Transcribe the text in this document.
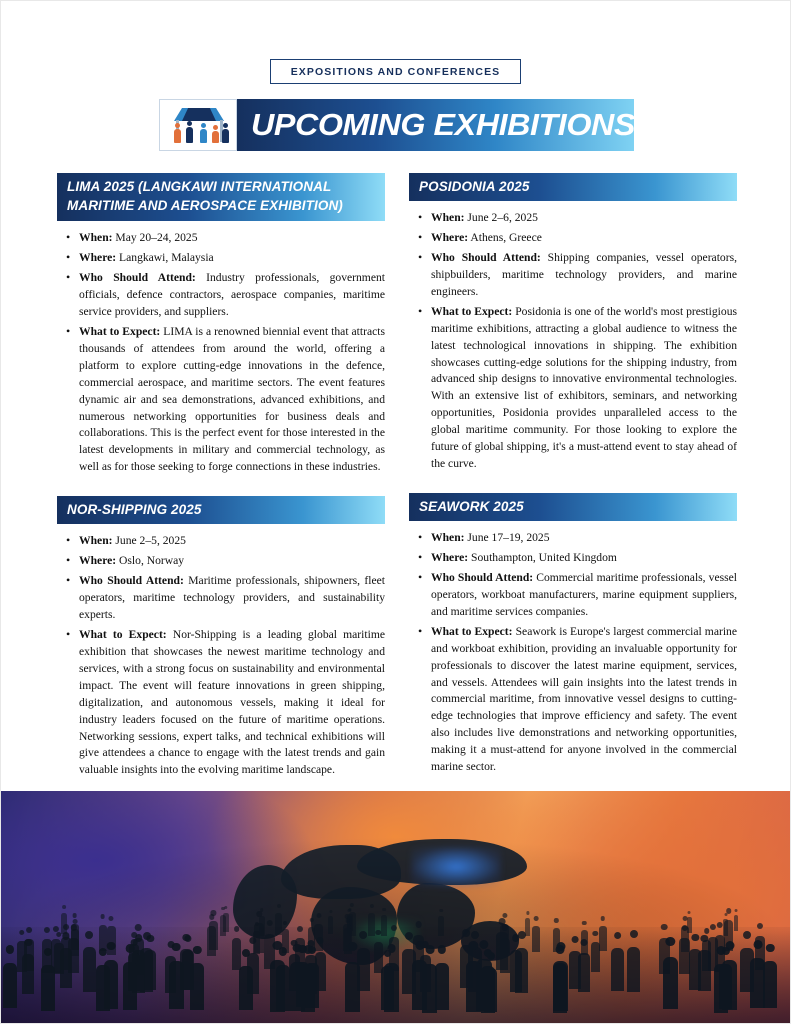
EXPOSITIONS AND CONFERENCES
UPCOMING EXHIBITIONS
LIMA 2025 (LANGKAWI INTERNATIONAL MARITIME AND AEROSPACE EXHIBITION)
• When: May 20–24, 2025
• Where: Langkawi, Malaysia
• Who Should Attend: Industry professionals, government officials, defence contractors, aerospace companies, maritime service providers, and suppliers.
• What to Expect: LIMA is a renowned biennial event that attracts thousands of attendees from around the world, offering a platform to explore cutting-edge innovations in the defence, commercial aerospace, and maritime sectors. The event features dynamic air and sea demonstrations, advanced exhibitions, and numerous networking opportunities for business deals and collaborations. This is the perfect event for those interested in the latest developments in military and commercial technology, as well as for those seeking to forge connections in these industries.
NOR-SHIPPING 2025
• When: June 2–5, 2025
• Where: Oslo, Norway
• Who Should Attend: Maritime professionals, shipowners, fleet operators, maritime technology providers, and sustainability experts.
• What to Expect: Nor-Shipping is a leading global maritime exhibition that showcases the newest maritime technology and services, with a strong focus on sustainability and environmental impact. The event will feature innovations in green shipping, digitalization, and autonomous vessels, making it ideal for industry leaders focused on the future of maritime operations. Networking sessions, expert talks, and technical exhibitions will give attendees a chance to engage with the latest trends and gain valuable insights into the evolving maritime landscape.
POSIDONIA 2025
• When: June 2–6, 2025
• Where: Athens, Greece
• Who Should Attend: Shipping companies, vessel operators, shipbuilders, maritime technology providers, and marine engineers.
• What to Expect: Posidonia is one of the world's most prestigious maritime exhibitions, attracting a global audience to witness the latest technological innovations in shipping. The exhibition showcases cutting-edge solutions for the shipping industry, from advanced ship designs to innovative environmental technologies. With an extensive list of exhibitors, seminars, and networking opportunities, Posidonia provides unparalleled access to the global maritime community. For those looking to explore the future of global shipping, it's a must-attend event to stay ahead of the curve.
SEAWORK 2025
• When: June 17–19, 2025
• Where: Southampton, United Kingdom
• Who Should Attend: Commercial maritime professionals, vessel operators, workboat manufacturers, marine equipment suppliers, and maritime services companies.
• What to Expect: Seawork is Europe's largest commercial marine and workboat exhibition, providing an invaluable opportunity for professionals to discover the latest marine equipment, services, and vessels. Attendees will gain insights into the latest trends in commercial maritime, from innovative vessel designs to cutting-edge technologies that improve efficiency and safety. The event also includes live demonstrations and networking opportunities, making it a must-attend for anyone involved in the commercial marine sector.
